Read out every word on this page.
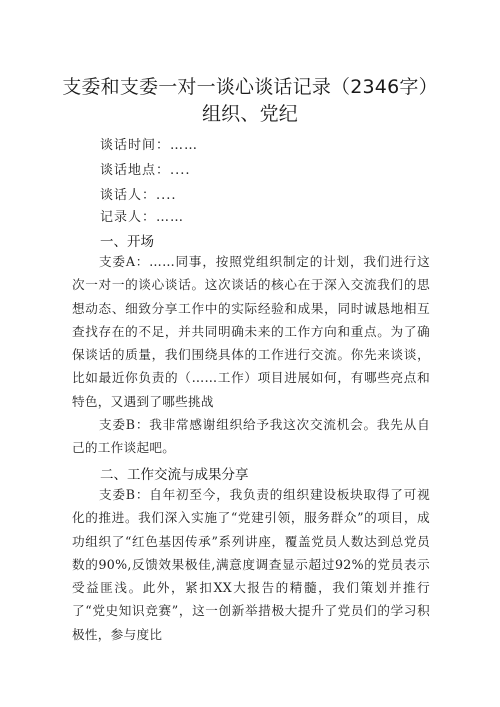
支委和支委一对一谈心谈话记录（2346字）
组织、党纪
谈话时间：……
谈话地点：....
谈话人：....
记录人：……
一、开场

支委A：……同事，按照党组织制定的计划，我们进行这次一对一的谈心谈话。这次谈话的核心在于深入交流我们的思想动态、细致分享工作中的实际经验和成果，同时诚恳地相互查找存在的不足，并共同明确未来的工作方向和重点。为了确保谈话的质量，我们围绕具体的工作进行交流。你先来谈谈，比如最近你负责的（……工作）项目进展如何，有哪些亮点和特色，又遇到了哪些挑战

支委B：我非常感谢组织给予我这次交流机会。我先从自己的工作谈起吧。

二、工作交流与成果分享

支委B：自年初至今，我负责的组织建设板块取得了可视化的推进。我们深入实施了“党建引领，服务群众”的项目，成功组织了“红色基因传承”系列讲座，覆盖党员人数达到总党员数的90%,反馈效果极佳,满意度调查显示超过92%的党员表示受益匪浅。此外，紧扣XX大报告的精髓，我们策划并推行了“党史知识竞赛”，这一创新举措极大提升了党员们的学习积极性，参与度比
